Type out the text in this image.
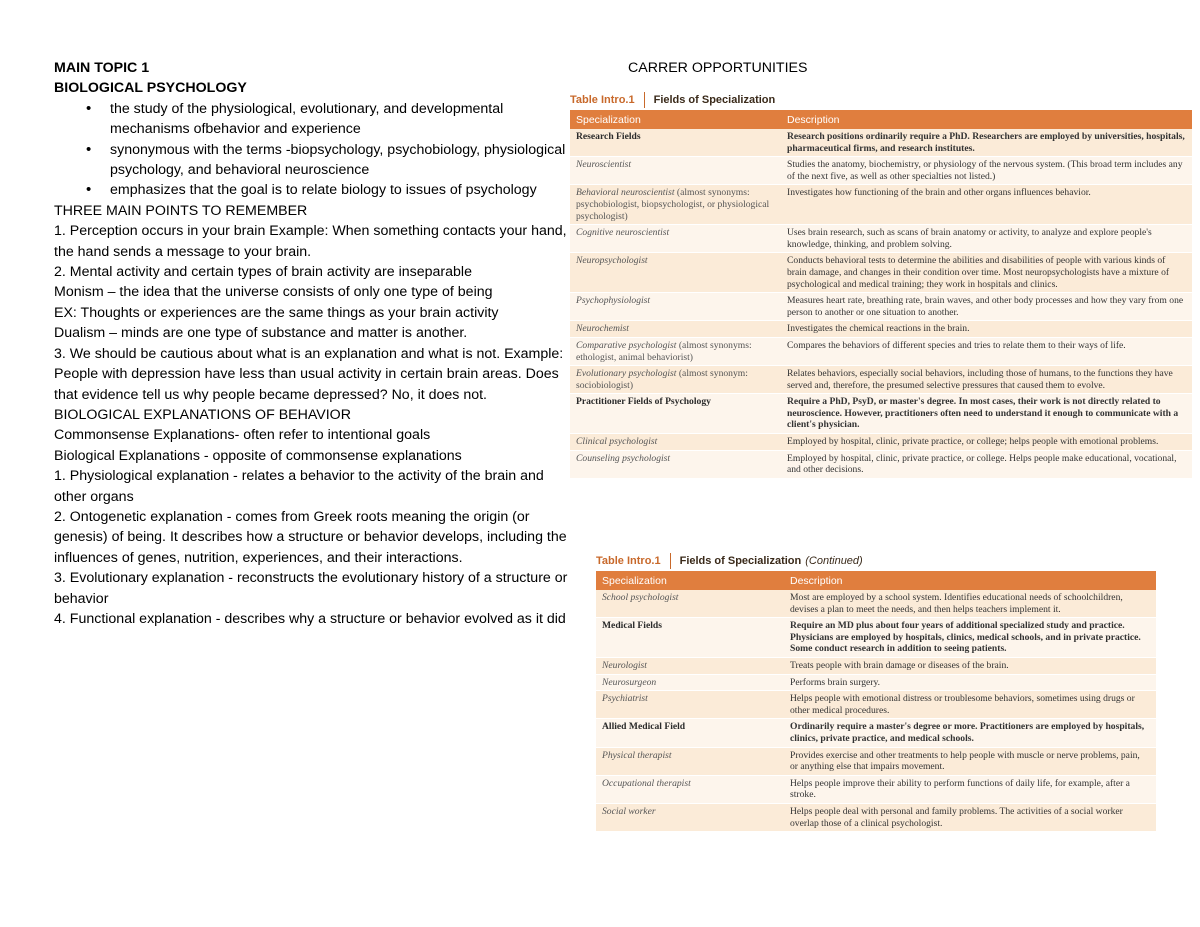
MAIN TOPIC 1

BIOLOGICAL PSYCHOLOGY

• the study of the physiological, evolutionary, and developmental mechanisms ofbehavior and experience
• synonymous with the terms -biopsychology, psychobiology, physiological psychology, and behavioral neuroscience
• emphasizes that the goal is to relate biology to issues of psychology

THREE MAIN POINTS TO REMEMBER

1. Perception occurs in your brain Example: When something contacts your hand, the hand sends a message to your brain.

2. Mental activity and certain types of brain activity are inseparable

Monism – the idea that the universe consists of only one type of being

EX: Thoughts or experiences are the same things as your brain activity

Dualism – minds are one type of substance and matter is another.

3. We should be cautious about what is an explanation and what is not. Example: People with depression have less than usual activity in certain brain areas. Does that evidence tell us why people became depressed? No, it does not.

BIOLOGICAL EXPLANATIONS OF BEHAVIOR

Commonsense Explanations- often refer to intentional goals

Biological Explanations - opposite of commonsense explanations

1. Physiological explanation - relates a behavior to the activity of the brain and other organs

2. Ontogenetic explanation - comes from Greek roots meaning the origin (or genesis) of being. It describes how a structure or behavior develops, including the influences of genes, nutrition, experiences, and their interactions.

3. Evolutionary explanation - reconstructs the evolutionary history of a structure or behavior

4. Functional explanation - describes why a structure or behavior evolved as it did

CARRER OPPORTUNITIES
Table Intro.1 Fields of Specialization
Specialization	Description
Research Fields	Research positions ordinarily require a PhD. Researchers are employed by universities, hospitals, pharmaceutical firms, and research institutes.
Neuroscientist	Studies the anatomy, biochemistry, or physiology of the nervous system. (This broad term includes any of the next five, as well as other specialties not listed.)
Behavioral neuroscientist (almost synonyms: psychobiologist, biopsychologist, or physiological psychologist)	Investigates how functioning of the brain and other organs influences behavior.
Cognitive neuroscientist	Uses brain research, such as scans of brain anatomy or activity, to analyze and explore people's knowledge, thinking, and problem solving.
Neuropsychologist	Conducts behavioral tests to determine the abilities and disabilities of people with various kinds of brain damage, and changes in their condition over time. Most neuropsychologists have a mixture of psychological and medical training; they work in hospitals and clinics.
Psychophysiologist	Measures heart rate, breathing rate, brain waves, and other body processes and how they vary from one person to another or one situation to another.
Neurochemist	Investigates the chemical reactions in the brain.
Comparative psychologist (almost synonyms: ethologist, animal behaviorist)	Compares the behaviors of different species and tries to relate them to their ways of life.
Evolutionary psychologist (almost synonym: sociobiologist)	Relates behaviors, especially social behaviors, including those of humans, to the functions they have served and, therefore, the presumed selective pressures that caused them to evolve.
Practitioner Fields of Psychology	Require a PhD, PsyD, or master's degree. In most cases, their work is not directly related to neuroscience. However, practitioners often need to understand it enough to communicate with a client's physician.
Clinical psychologist	Employed by hospital, clinic, private practice, or college; helps people with emotional problems.
Counseling psychologist	Employed by hospital, clinic, private practice, or college. Helps people make educational, vocational, and other decisions.
Table Intro.1 Fields of Specialization (Continued)
Specialization	Description
School psychologist	Most are employed by a school system. Identifies educational needs of schoolchildren, devises a plan to meet the needs, and then helps teachers implement it.
Medical Fields	Require an MD plus about four years of additional specialized study and practice. Physicians are employed by hospitals, clinics, medical schools, and in private practice. Some conduct research in addition to seeing patients.
Neurologist	Treats people with brain damage or diseases of the brain.
Neurosurgeon	Performs brain surgery.
Psychiatrist	Helps people with emotional distress or troublesome behaviors, sometimes using drugs or other medical procedures.
Allied Medical Field	Ordinarily require a master's degree or more. Practitioners are employed by hospitals, clinics, private practice, and medical schools.
Physical therapist	Provides exercise and other treatments to help people with muscle or nerve problems, pain, or anything else that impairs movement.
Occupational therapist	Helps people improve their ability to perform functions of daily life, for example, after a stroke.
Social worker	Helps people deal with personal and family problems. The activities of a social worker overlap those of a clinical psychologist.
